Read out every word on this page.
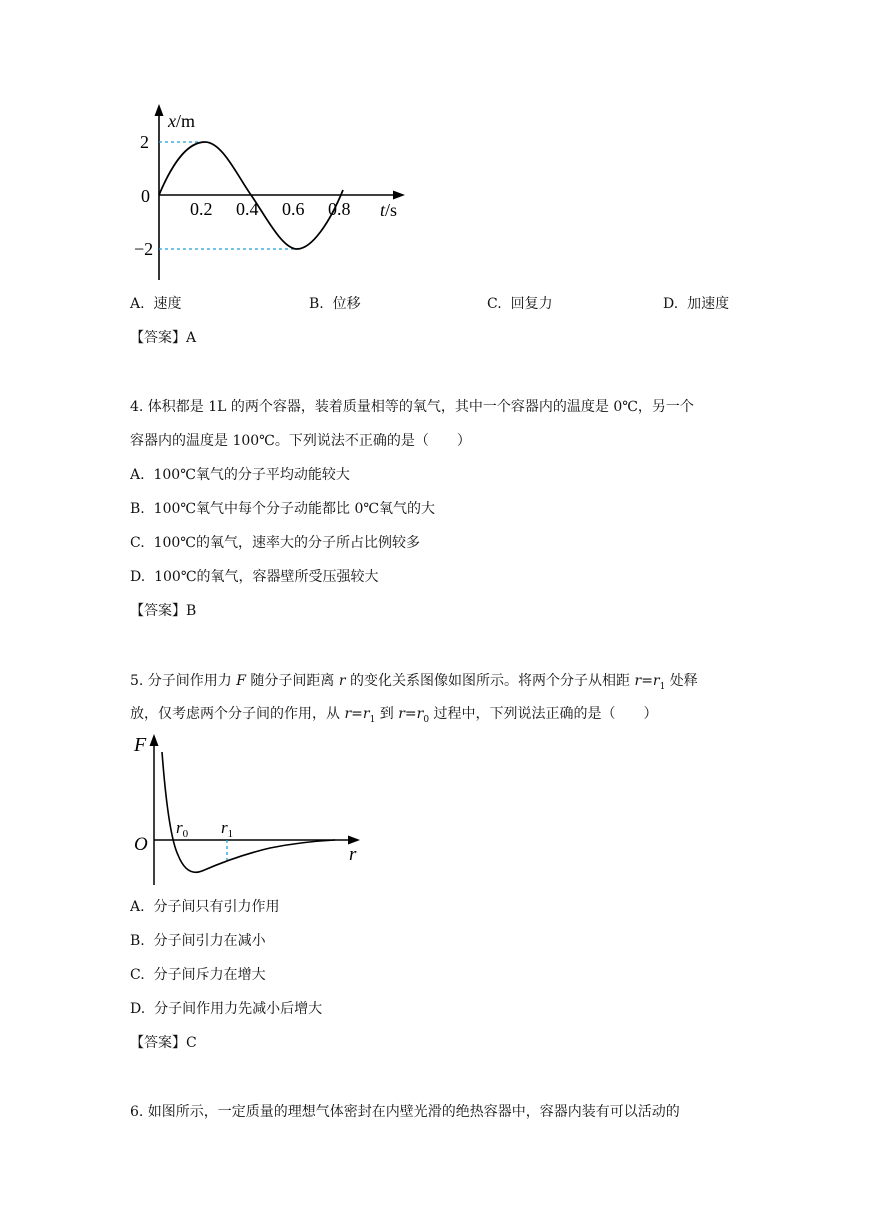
x/m
2
−2
0
0.2 0.4 0.6 0.8 t/s
A. 速度	B. 位移	C. 回复力	D. 加速度
【答案】A
4. 体积都是 1L 的两个容器，装着质量相等的氧气，其中一个容器内的温度是 0℃，另一个
容器内的温度是 100℃。下列说法不正确的是（　　）
A. 100℃氧气的分子平均动能较大
B. 100℃氧气中每个分子动能都比 0℃氧气的大
C. 100℃的氧气，速率大的分子所占比例较多
D. 100℃的氧气，容器壁所受压强较大
【答案】B
5. 分子间作用力 F 随分子间距离 r 的变化关系图像如图所示。将两个分子从相距 $r=r_1$ 处释
放，仅考虑两个分子间的作用，从 $r=r_1$ 到 $r=r_0$ 过程中，下列说法正确的是（　　）
F
O	r
$r_0$ $r_1$
A. 分子间只有引力作用
B. 分子间引力在减小
C. 分子间斥力在增大
D. 分子间作用力先减小后增大
【答案】C
6. 如图所示，一定质量的理想气体密封在内壁光滑的绝热容器中，容器内装有可以活动的
